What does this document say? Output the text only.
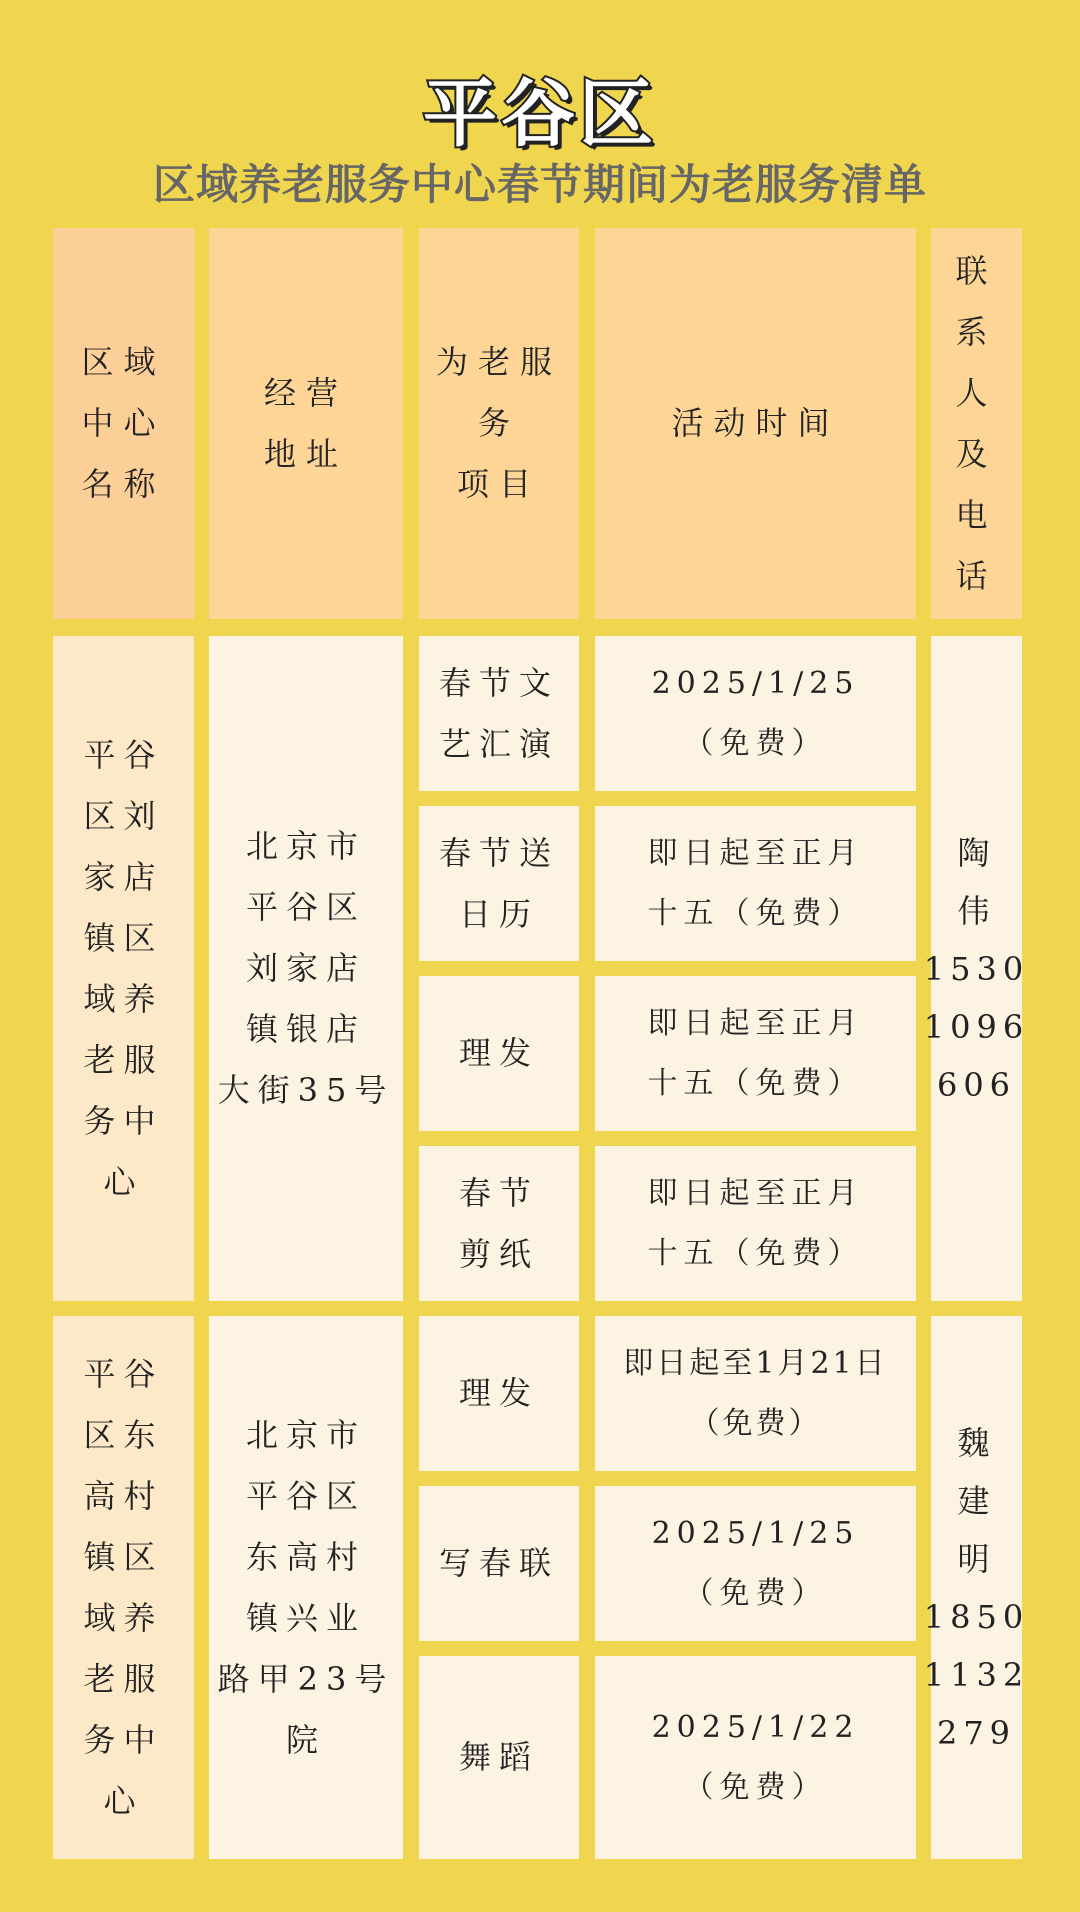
平谷区
区域养老服务中心春节期间为老服务清单
区域
中心
名称
经营
地址
为老服
务
项目
活动时间
联
系
人
及
电
话
平谷
区刘
家店
镇区
域养
老服
务中
心
北京市
平谷区
刘家店
镇银店
大街35号
陶
伟
1530
1096
606
春节文
艺汇演
2025/1/25
（免费）
春节送
日历
即日起至正月
十五（免费）
理发
即日起至正月
十五（免费）
春节
剪纸
即日起至正月
十五（免费）
平谷
区东
高村
镇区
域养
老服
务中
心
北京市
平谷区
东高村
镇兴业
路甲23号
院
魏
建
明
1850
1132
279
理发
即日起至1月21日
（免费）
写春联
2025/1/25
（免费）
舞蹈
2025/1/22
（免费）
